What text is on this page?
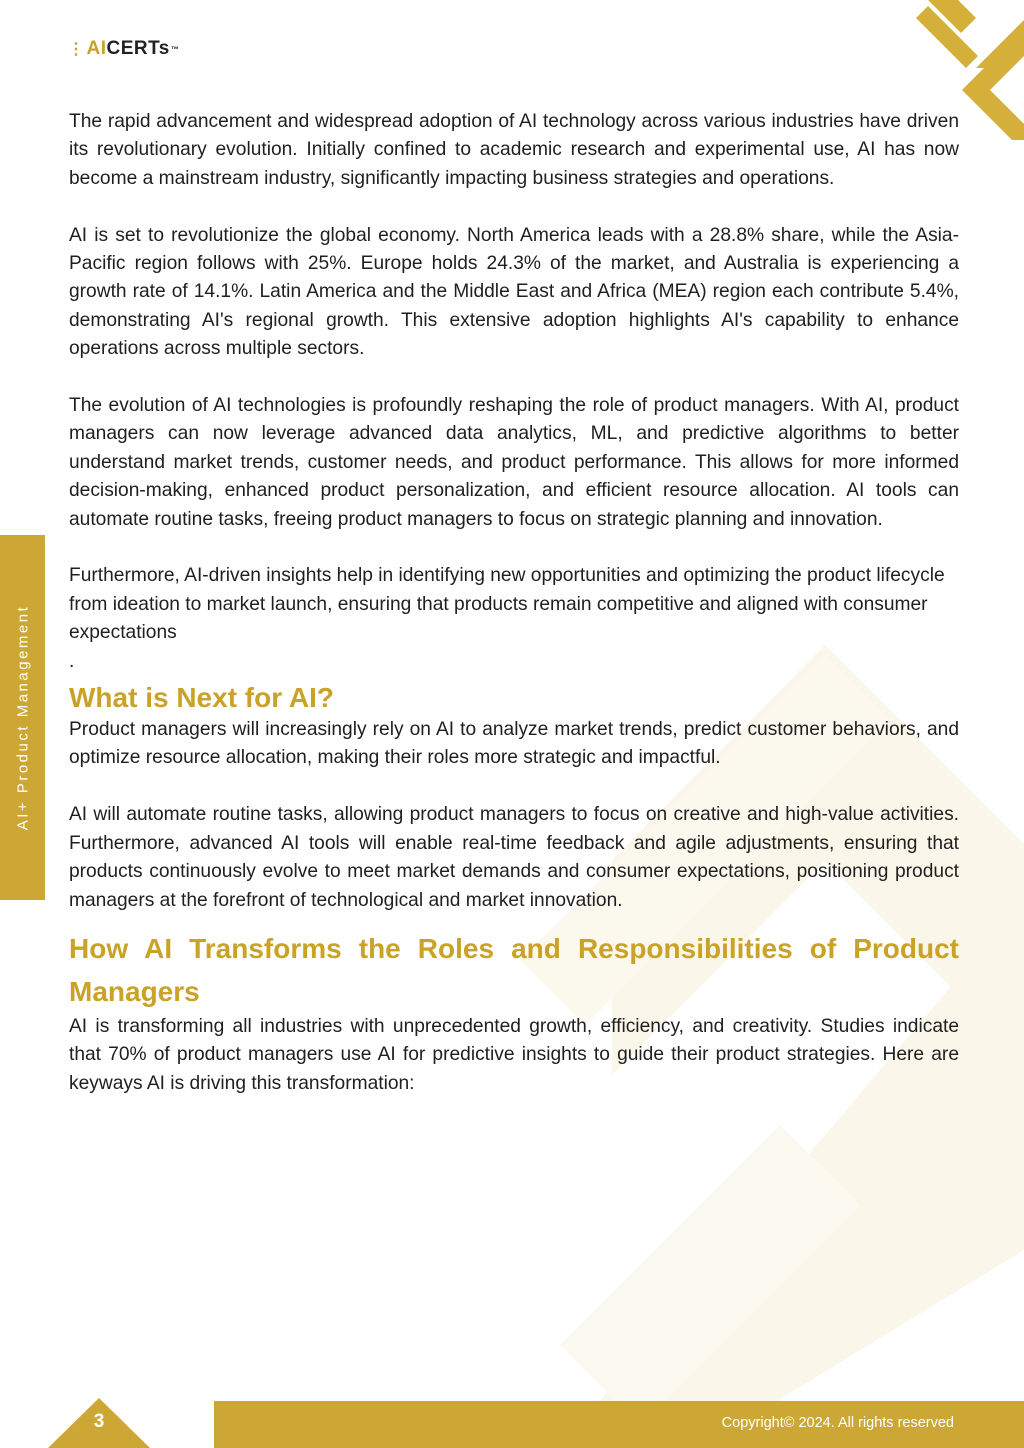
⋮ AI CERTs ™
AI+ Product Management

The rapid advancement and widespread adoption of AI technology across various industries have driven its revolutionary evolution. Initially confined to academic research and experimental use, AI has now become a mainstream industry, significantly impacting business strategies and operations.

AI is set to revolutionize the global economy. North America leads with a 28.8% share, while the Asia-Pacific region follows with 25%. Europe holds 24.3% of the market, and Australia is experiencing a growth rate of 14.1%. Latin America and the Middle East and Africa (MEA) region each contribute 5.4%, demonstrating AI's regional growth. This extensive adoption highlights AI's capability to enhance operations across multiple sectors.

The evolution of AI technologies is profoundly reshaping the role of product managers. With AI, product managers can now leverage advanced data analytics, ML, and predictive algorithms to better understand market trends, customer needs, and product performance. This allows for more informed decision-making, enhanced product personalization, and efficient resource allocation. AI tools can automate routine tasks, freeing product managers to focus on strategic planning and innovation.

Furthermore, AI-driven insights help in identifying new opportunities and optimizing the product lifecycle from ideation to market launch, ensuring that products remain competitive and aligned with consumer expectations

.

What is Next for AI?

Product managers will increasingly rely on AI to analyze market trends, predict customer behaviors, and optimize resource allocation, making their roles more strategic and impactful.

AI will automate routine tasks, allowing product managers to focus on creative and high-value activities. Furthermore, advanced AI tools will enable real-time feedback and agile adjustments, ensuring that products continuously evolve to meet market demands and consumer expectations, positioning product managers at the forefront of technological and market innovation.

How AI Transforms the Roles and Responsibilities of Product Managers

AI is transforming all industries with unprecedented growth, efficiency, and creativity. Studies indicate that 70% of product managers use AI for predictive insights to guide their product strategies. Here are keyways AI is driving this transformation:

3	Copyright© 2024. All rights reserved
